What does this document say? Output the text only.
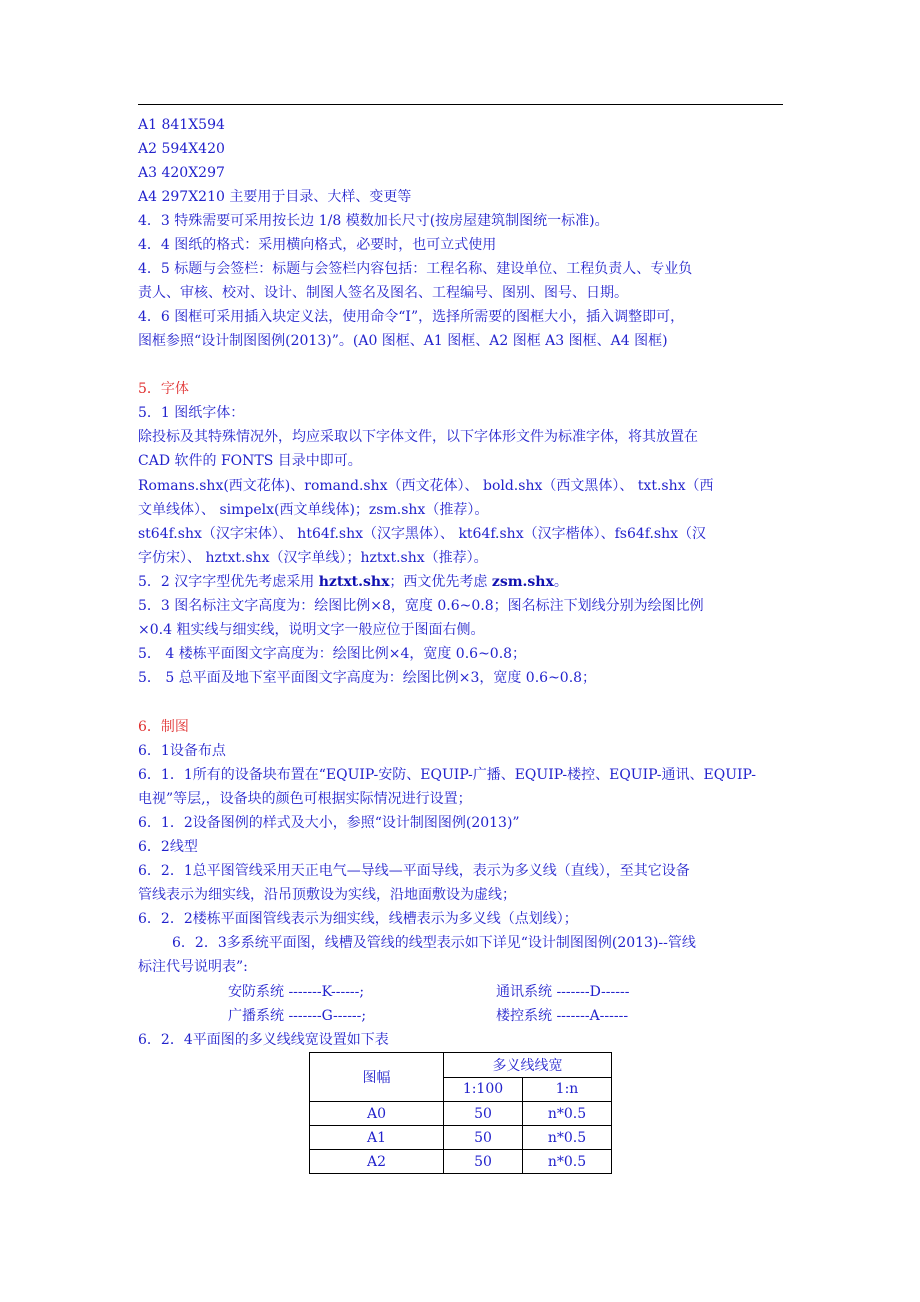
A1 841X594
A2 594X420
A3 420X297
A4 297X210 主要用于目录、大样、变更等
4．3 特殊需要可采用按长边 1/8 模数加长尺寸(按房屋建筑制图统一标准)。
4．4 图纸的格式：采用横向格式，必要时，也可立式使用
4．5 标题与会签栏：标题与会签栏内容包括：工程名称、建设单位、工程负责人、专业负
责人、审核、校对、设计、制图人签名及图名、工程编号、图别、图号、日期。
4．6 图框可采用插入块定义法，使用命令“I”，选择所需要的图框大小，插入调整即可，
图框参照“设计制图图例(2013)”。(A0 图框、A1 图框、A2 图框 A3 图框、A4 图框)
5．字体
5．1 图纸字体：
除投标及其特殊情况外，均应采取以下字体文件，以下字体形文件为标准字体，将其放置在
CAD 软件的 FONTS 目录中即可。
Romans.shx(西文花体)、romand.shx（西文花体）、 bold.shx（西文黑体）、 txt.shx（西
文单线体）、 simpelx(西文单线体)；zsm.shx（推荐）。
st64f.shx（汉字宋体）、 ht64f.shx（汉字黑体）、 kt64f.shx（汉字楷体）、fs64f.shx（汉
字仿宋）、 hztxt.shx（汉字单线）；hztxt.shx（推荐）。
5．2 汉字字型优先考虑采用 hztxt.shx；西文优先考虑 zsm.shx。
5．3 图名标注文字高度为：绘图比例×8，宽度 0.6~0.8；图名标注下划线分别为绘图比例
×0.4 粗实线与细实线，说明文字一般应位于图面右侧。
5． 4 楼栋平面图文字高度为：绘图比例×4，宽度 0.6~0.8；
5． 5 总平面及地下室平面图文字高度为：绘图比例×3，宽度 0.6~0.8；
6．制图
6．1设备布点
6．1．1所有的设备块布置在“EQUIP-安防、EQUIP-广播、EQUIP-楼控、EQUIP-通讯、EQUIP-
电视”等层,，设备块的颜色可根据实际情况进行设置；
6．1．2设备图例的样式及大小，参照“设计制图图例(2013)”
6．2线型
6．2．1总平图管线采用天正电气—导线—平面导线，表示为多义线（直线），至其它设备
管线表示为细实线，沿吊顶敷设为实线，沿地面敷设为虚线；
6．2．2楼栋平面图管线表示为细实线，线槽表示为多义线（点划线）；
6．2．3多系统平面图，线槽及管线的线型表示如下详见“设计制图图例(2013)--管线
标注代号说明表”:
安防系统 -------K------;	通讯系统 -------D------
广播系统 -------G------;	楼控系统 -------A------
6．2．4平面图的多义线线宽设置如下表
图幅	多义线线宽	
	1:100	1:n
A0	50	n*0.5
A1	50	n*0.5
A2	50	n*0.5
